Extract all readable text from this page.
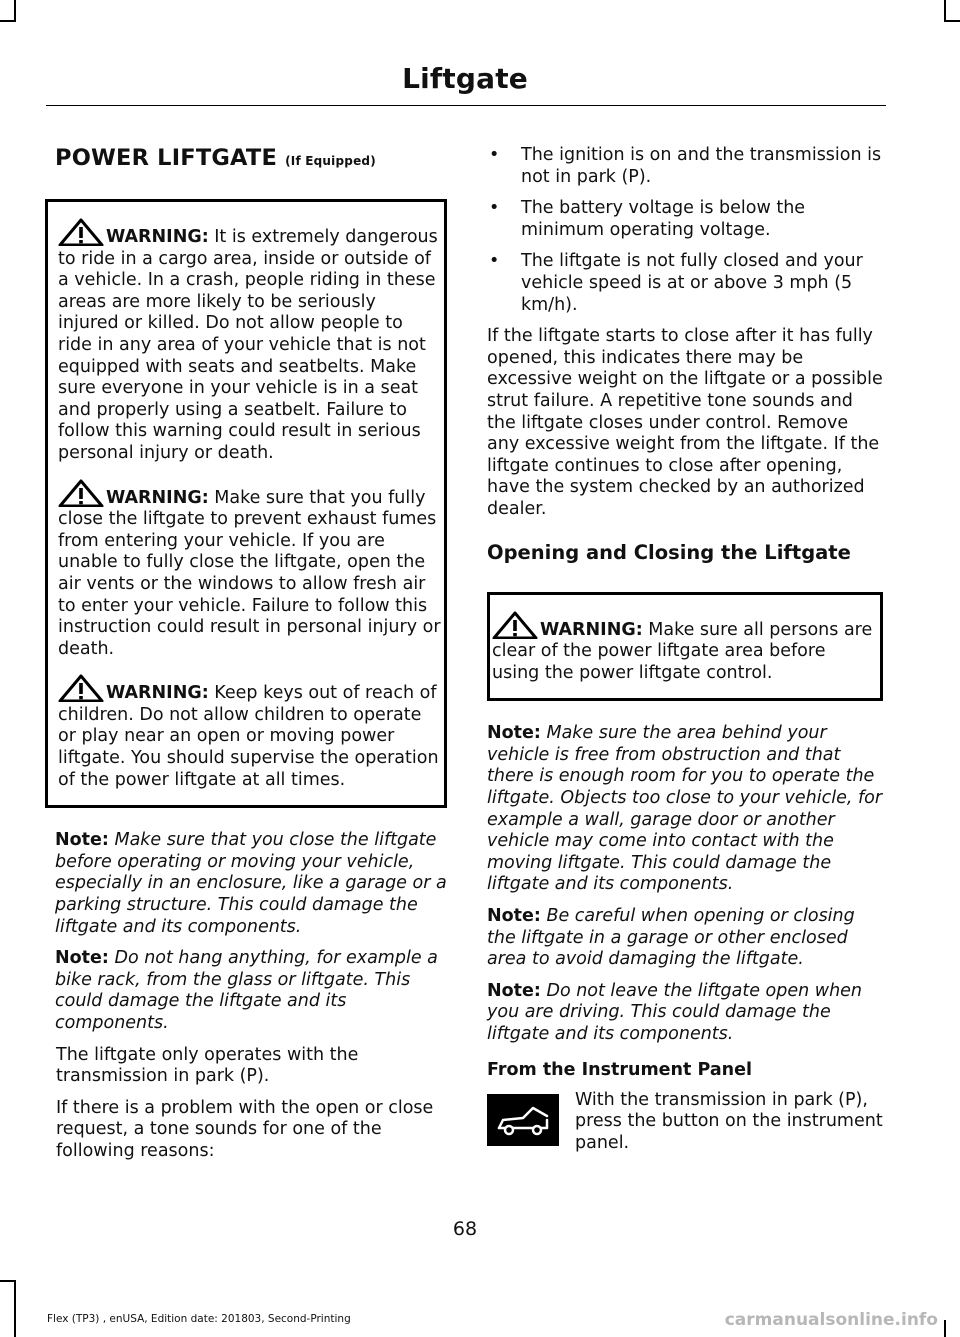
Liftgate
POWER LIFTGATE (If Equipped)

WARNING: It is extremely dangerous to ride in a cargo area, inside or outside of a vehicle. In a crash, people riding in these areas are more likely to be seriously injured or killed. Do not allow people to ride in any area of your vehicle that is not equipped with seats and seatbelts. Make sure everyone in your vehicle is in a seat and properly using a seatbelt. Failure to follow this warning could result in serious personal injury or death.

WARNING: Make sure that you fully close the liftgate to prevent exhaust fumes from entering your vehicle. If you are unable to fully close the liftgate, open the air vents or the windows to allow fresh air to enter your vehicle. Failure to follow this instruction could result in personal injury or death.

WARNING: Keep keys out of reach of children. Do not allow children to operate or play near an open or moving power liftgate. You should supervise the operation of the power liftgate at all times.

Note: Make sure that you close the liftgate before operating or moving your vehicle, especially in an enclosure, like a garage or a parking structure. This could damage the liftgate and its components.

Note: Do not hang anything, for example a bike rack, from the glass or liftgate. This could damage the liftgate and its components.

The liftgate only operates with the transmission in park (P).

If there is a problem with the open or close request, a tone sounds for one of the following reasons:

• The ignition is on and the transmission is not in park (P).
• The battery voltage is below the minimum operating voltage.
• The liftgate is not fully closed and your vehicle speed is at or above 3 mph (5 km/h).

If the liftgate starts to close after it has fully opened, this indicates there may be excessive weight on the liftgate or a possible strut failure. A repetitive tone sounds and the liftgate closes under control. Remove any excessive weight from the liftgate. If the liftgate continues to close after opening, have the system checked by an authorized dealer.

Opening and Closing the Liftgate

WARNING: Make sure all persons are clear of the power liftgate area before using the power liftgate control.

Note: Make sure the area behind your vehicle is free from obstruction and that there is enough room for you to operate the liftgate. Objects too close to your vehicle, for example a wall, garage door or another vehicle may come into contact with the moving liftgate. This could damage the liftgate and its components.

Note: Be careful when opening or closing the liftgate in a garage or other enclosed area to avoid damaging the liftgate.

Note: Do not leave the liftgate open when you are driving. This could damage the liftgate and its components.

From the Instrument Panel
With the transmission in park (P), press the button on the instrument panel.
68
Flex (TP3) , enUSA, Edition date: 201803, Second-Printing	carmanualsonline.info
